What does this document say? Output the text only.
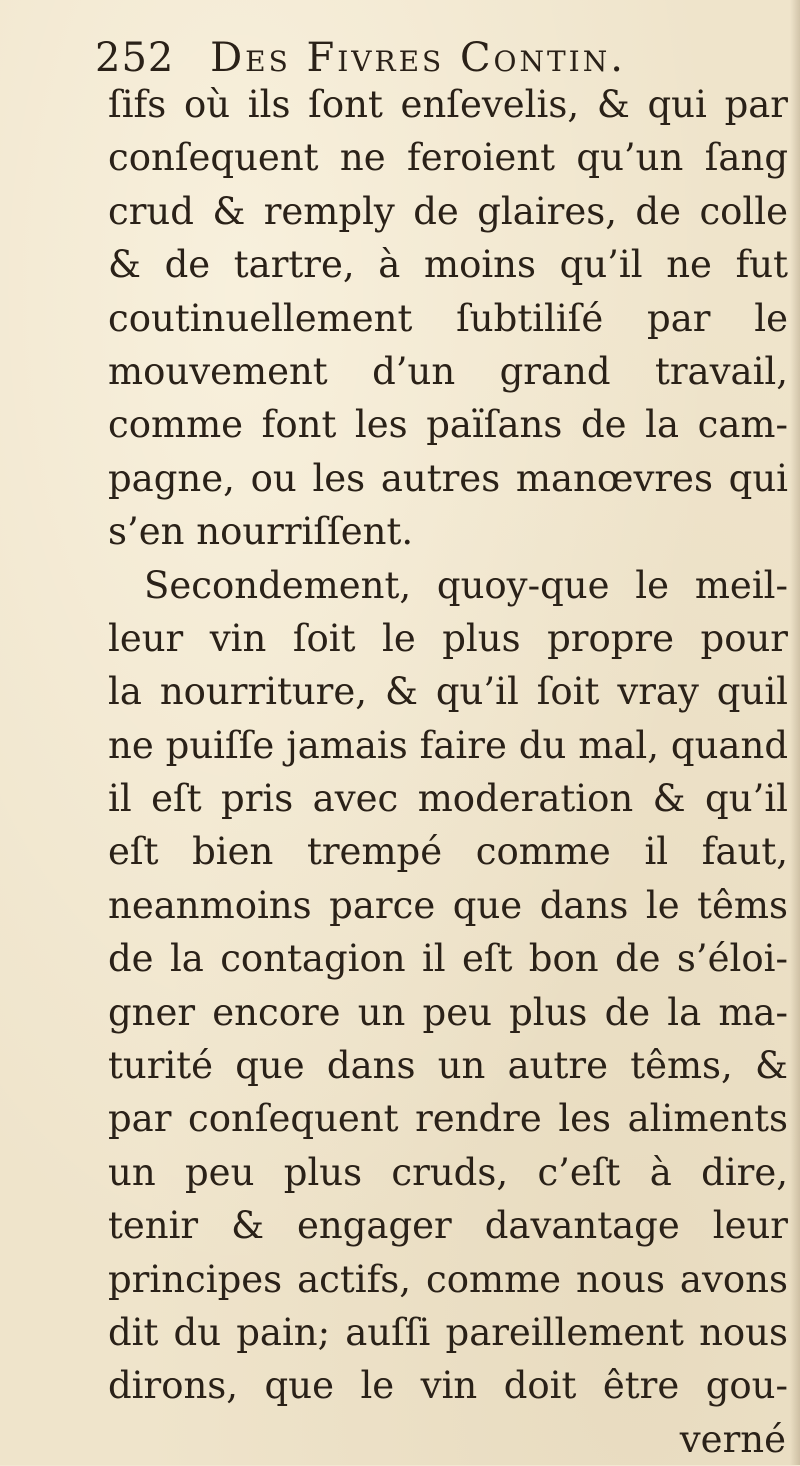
252 Des Fivres Contin.
ſifs où ils ſont enſevelis, & qui par
conſequent ne feroient qu’un ſang
crud & remply de glaires, de colle
& de tartre, à moins qu’il ne fut
coutinuellement ſubtiliſé par le
mouvement d’un grand travail,
comme font les païſans de la cam-
pagne, ou les autres manœvres qui
s’en nourriſſent.
Secondement, quoy-que le meil-
leur vin ſoit le plus propre pour
la nourriture, & qu’il ſoit vray quil
ne puiſſe jamais faire du mal, quand
il eſt pris avec moderation & qu’il
eſt bien trempé comme il faut,
neanmoins parce que dans le têms
de la contagion il eſt bon de s’éloi-
gner encore un peu plus de la ma-
turité que dans un autre têms, &
par conſequent rendre les aliments
un peu plus cruds, c’eſt à dire,
tenir & engager davantage leur
principes actifs, comme nous avons
dit du pain; auſſi pareillement nous
dirons, que le vin doit être gou-
verné
